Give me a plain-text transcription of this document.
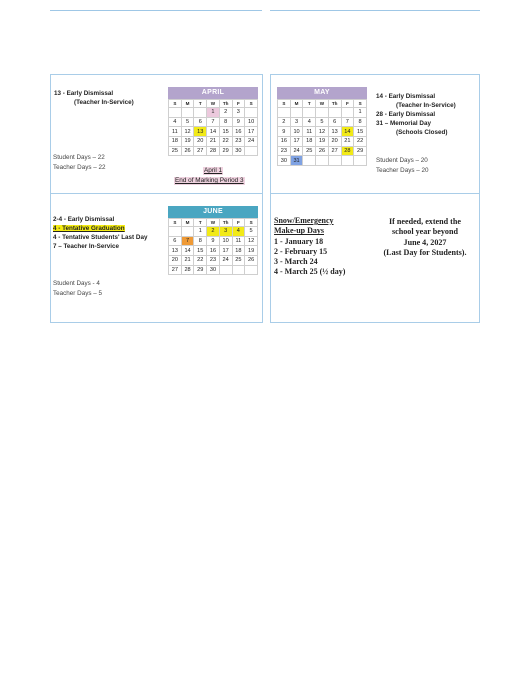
13 - Early Dismissal
(Teacher In-Service)
Student Days – 22
Teacher Days – 22
APRIL
S	M	T	W	Th	F	S
			1	2	3	
4	5	6	7	8	9	10
11	12	13	14	15	16	17
18	19	20	21	22	23	24
25	26	27	28	29	30	
April 1
End of Marking Period 3
MAY
S	M	T	W	Th	F	S
						1
2	3	4	5	6	7	8
9	10	11	12	13	14	15
16	17	18	19	20	21	22
23	24	25	26	27	28	29
30	31					
14 - Early Dismissal
(Teacher In-Service)
28 - Early Dismissal
31 – Memorial Day
(Schools Closed)
Student Days – 20
Teacher Days – 20
2-4 - Early Dismissal
4 - Tentative Graduation
4 - Tentative Students' Last Day
7 – Teacher In-Service
Student Days - 4
Teacher Days – 5
JUNE
S	M	T	W	Th	F	S
		1	2	3	4	5
6	7	8	9	10	11	12
13	14	15	16	17	18	19
20	21	22	23	24	25	26
27	28	29	30			
Snow/Emergency
Make-up Days
1 - January 18
2 - February 15
3 - March 24
4 - March 25 (½ day)
If needed, extend the
school year beyond
June 4, 2027
(Last Day for Students).
